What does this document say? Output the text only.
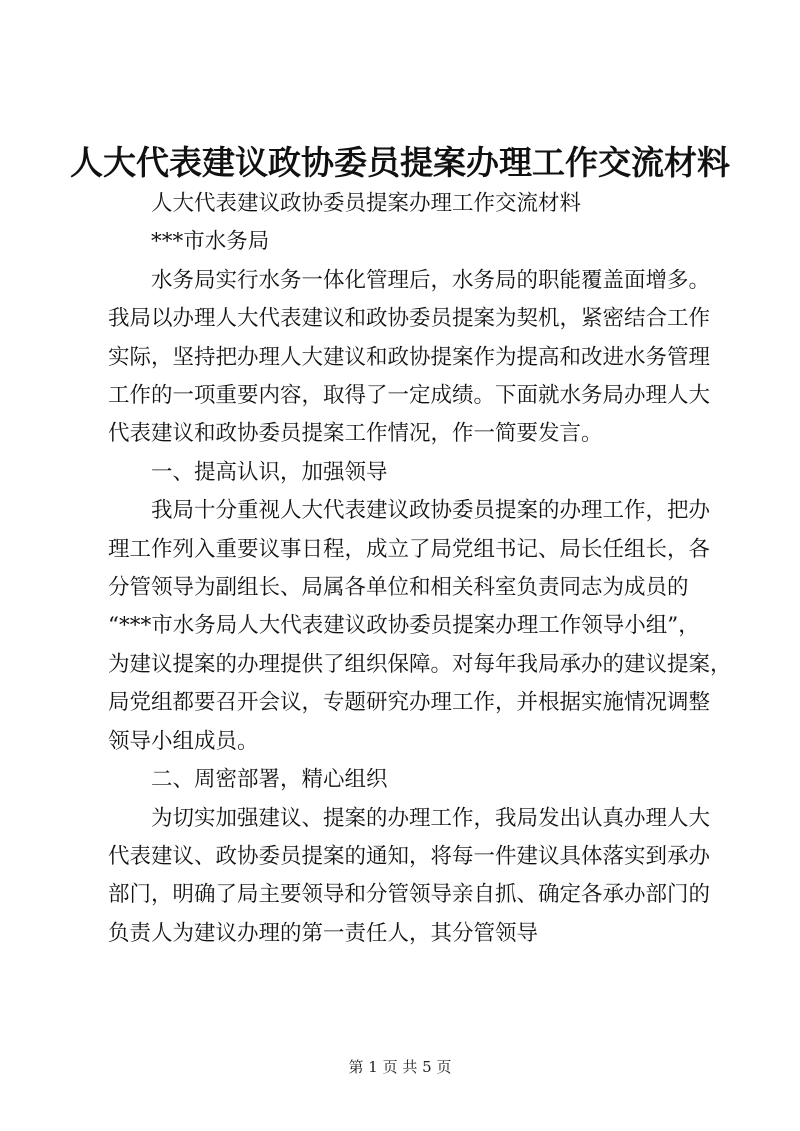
人大代表建议政协委员提案办理工作交流材料

人大代表建议政协委员提案办理工作交流材料

***市水务局

水务局实行水务一体化管理后，水务局的职能覆盖面增多。
我局以办理人大代表建议和政协委员提案为契机，紧密结合工作
实际，坚持把办理人大建议和政协提案作为提高和改进水务管理
工作的一项重要内容，取得了一定成绩。下面就水务局办理人大
代表建议和政协委员提案工作情况，作一简要发言。

一、提高认识，加强领导

我局十分重视人大代表建议政协委员提案的办理工作，把办
理工作列入重要议事日程，成立了局党组书记、局长任组长，各
分管领导为副组长、局属各单位和相关科室负责同志为成员的
“***市水务局人大代表建议政协委员提案办理工作领导小组”，
为建议提案的办理提供了组织保障。对每年我局承办的建议提案，
局党组都要召开会议，专题研究办理工作，并根据实施情况调整
领导小组成员。

二、周密部署，精心组织

为切实加强建议、提案的办理工作，我局发出认真办理人大
代表建议、政协委员提案的通知，将每一件建议具体落实到承办
部门，明确了局主要领导和分管领导亲自抓、确定各承办部门的
负责人为建议办理的第一责任人，其分管领导

第 1 页 共 5 页
